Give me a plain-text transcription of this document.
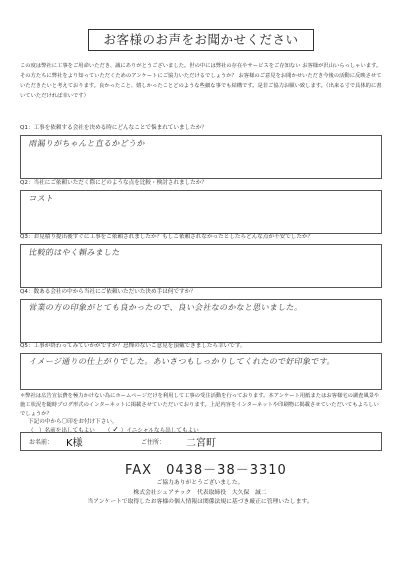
お客様のお声をお聞かせください
この度は弊社に工事をご用命いただき、誠にありがとうございました。世の中には弊社の存在やサービスをご存知ない お客様が沢山いらっしゃいます。その方たちに弊社をより知っていただくためのアンケートにご協力いただけるでしょうか？ お客様のご意見をお聞かせいただき今後の活動に反映させていただきたいと考えております。良かったこと、嬉しかったことどのような些細な事でも結構です。是非ご協力お願い致します。（出来る寸で具体的に書いていただければ幸いです）
Q1：工事を依頼する会社を決める時にどんなことで悩まれていましたか？
雨漏りがちゃんと直るかどうか
Q2：当社にご依頼いただく際にどのような点を比較・検討されましたか？
コスト
Q3：お見積り提出後すぐに工事をご依頼されましたか？もしご依頼されなかったとしたらどんな点が不安でしたか？
比較的はやく頼みました
Q4：数ある会社の中から当社にご依頼いただいた決め手は何ですか？
営業の方の印象がとても良かったので、良い会社なのかなと思いました。
Q5：工事が終わってみていかがですか？忌憚のないご意見を頂戴できましたら幸いです。
イメージ通りの仕上がりでした。あいさつもしっかりしてくれたので好印象です。
＊弊社は広告宣伝費を極力かけない為にホームページだけを利用して工事の受注活動を行っております。本アンケート用紙またはお客様宅の調査風景や施工状況を随時ブログ形式のインターネットに掲載させていただいております。上記内容をインターネットや印刷物に掲載させていただいてもよろしいでしょうか？
下記の中から〇印をお付け下さい。
（ ）名前を出してもよい （ ✓ ）イニシャルなら出してもよい
お名前： K様	ご住所： 二宮町
FAX　0438－38－3310
ご協力ありがとうございました。
株式会社シェアテック　代表取締役　大久保　誠二
当アンケートで取得したお客様の個人情報は関係法規に基づき厳正に管理いたします。
